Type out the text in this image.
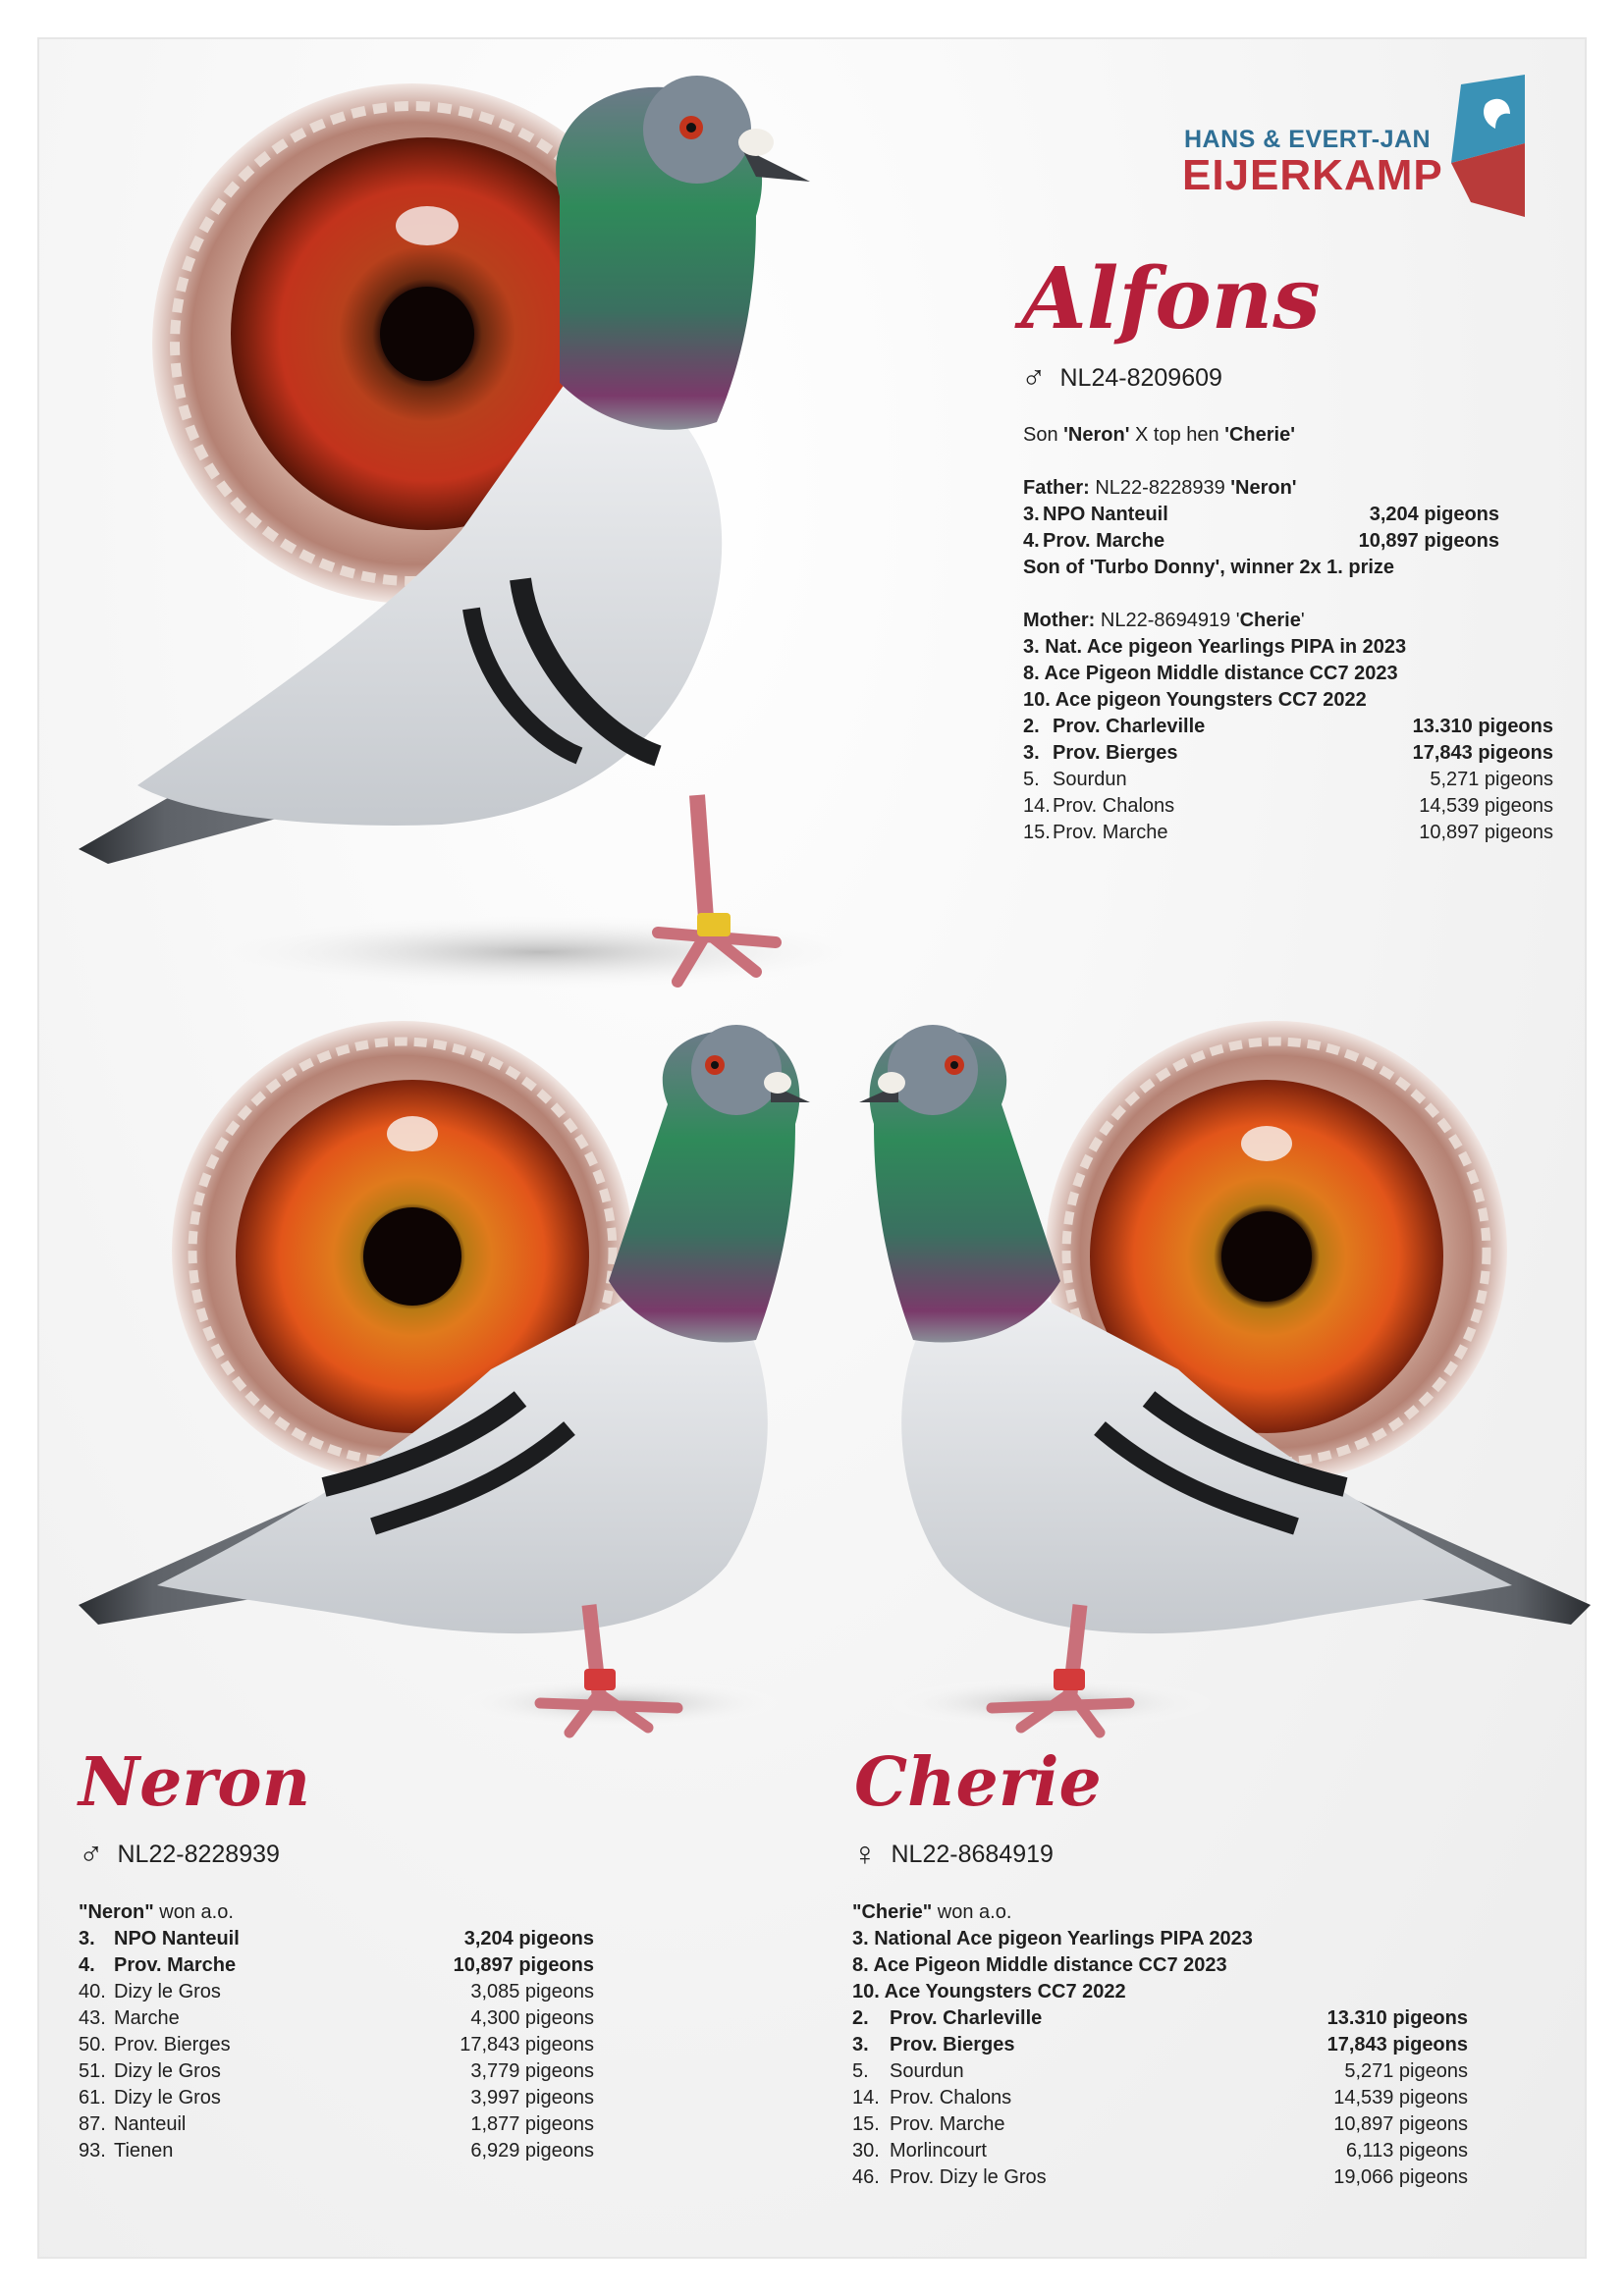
HANS & EVERT-JAN
EIJERKAMP
Alfons
♂ NL24-8209609
Son 'Neron' X top hen 'Cherie'
Father: NL22-8228939 'Neron'
3. NPO Nanteuil	3,204 pigeons
4. Prov. Marche	10,897 pigeons
Son of 'Turbo Donny', winner 2x 1. prize
Mother: NL22-8694919 'Cherie'
3. Nat. Ace pigeon Yearlings PIPA in 2023
8. Ace Pigeon Middle distance CC7 2023
10. Ace pigeon Youngsters CC7 2022
2. Prov. Charleville	13.310 pigeons
3. Prov. Bierges	17,843 pigeons
5. Sourdun	5,271 pigeons
14. Prov. Chalons	14,539 pigeons
15. Prov. Marche	10,897 pigeons
Neron
♂ NL22-8228939
"Neron" won a.o.
3. NPO Nanteuil	3,204 pigeons
4. Prov. Marche	10,897 pigeons
40. Dizy le Gros	3,085 pigeons
43. Marche	4,300 pigeons
50. Prov. Bierges	17,843 pigeons
51. Dizy le Gros	3,779 pigeons
61. Dizy le Gros	3,997 pigeons
87. Nanteuil	1,877 pigeons
93. Tienen	6,929 pigeons
Cherie
♀ NL22-8684919
"Cherie" won a.o.
3. National Ace pigeon Yearlings PIPA 2023
8. Ace Pigeon Middle distance CC7 2023
10. Ace Youngsters CC7 2022
2.	Prov. Charleville	13.310 pigeons
3.	Prov. Bierges	17,843 pigeons
5.	Sourdun	5,271 pigeons
14. Prov. Chalons	14,539 pigeons
15. Prov. Marche	10,897 pigeons
30. Morlincourt	6,113 pigeons
46. Prov. Dizy le Gros	19,066 pigeons
